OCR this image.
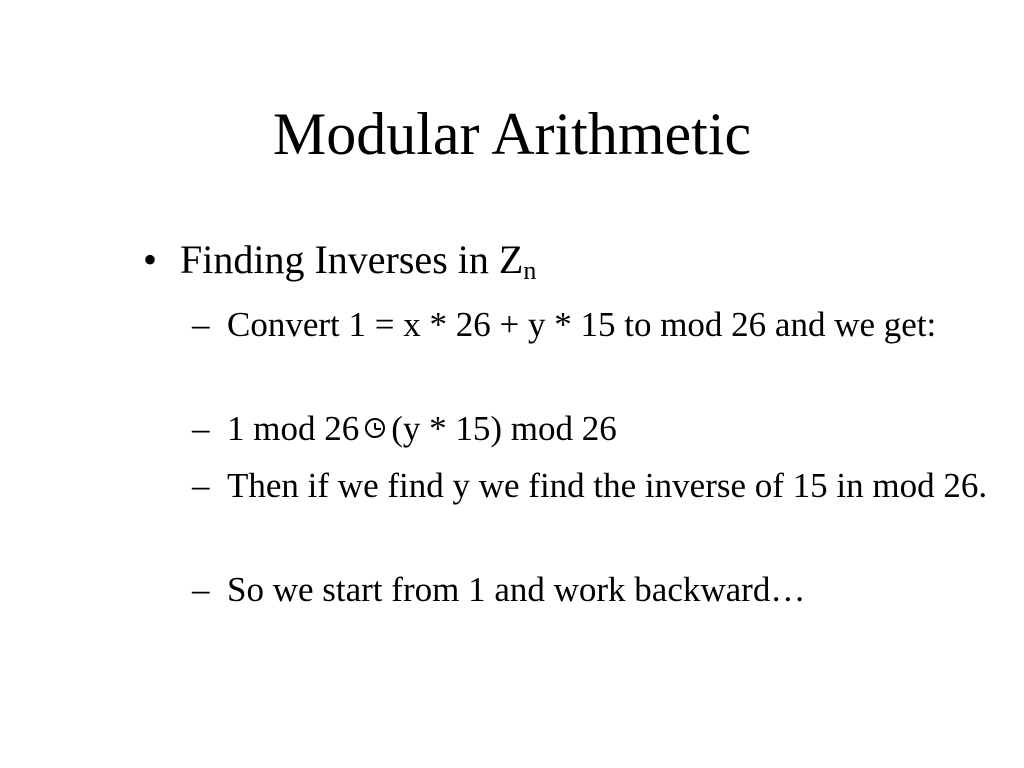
Modular Arithmetic
• Finding Inverses in $Z_n$
– Convert 1 = x * 26 + y * 15 to mod 26 and we get:
– 1 mod 26 (y * 15) mod 26
– Then if we find y we find the inverse of 15 in mod 26.
– So we start from 1 and work backward…
